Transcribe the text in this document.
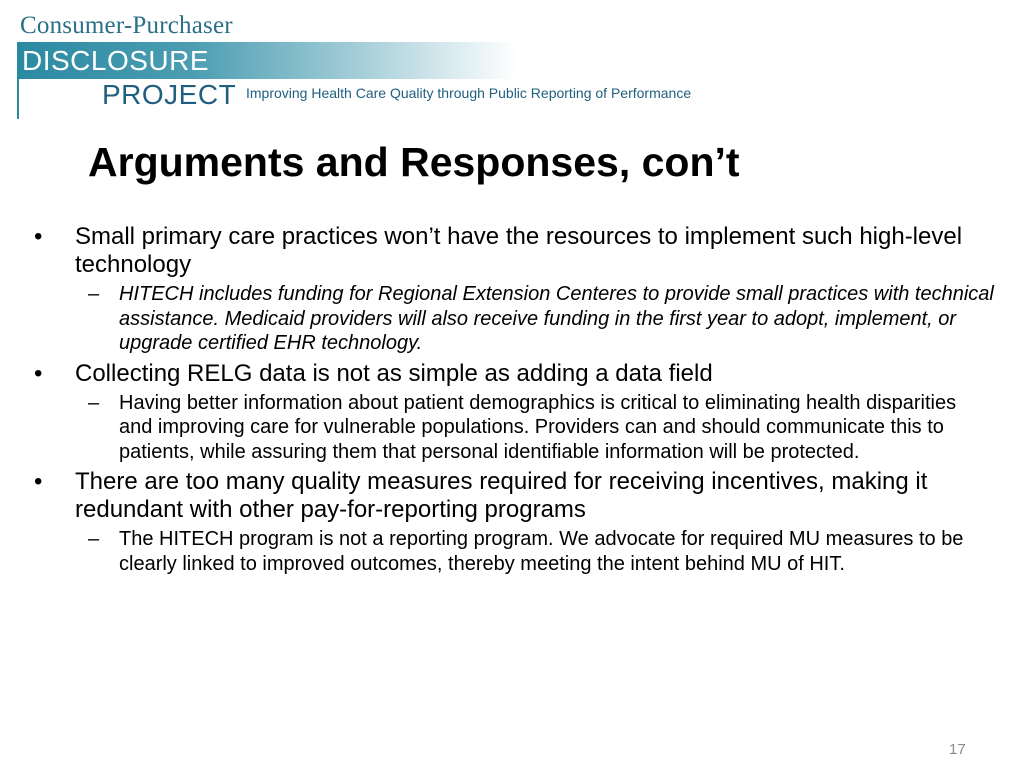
Consumer-Purchaser
DISCLOSURE
PROJECT Improving Health Care Quality through Public Reporting of Performance
Arguments and Responses, con’t
• Small primary care practices won’t have the resources to implement such high-level technology
– HITECH includes funding for Regional Extension Centeres to provide small practices with technical assistance. Medicaid providers will also receive funding in the first year to adopt, implement, or upgrade certified EHR technology.
• Collecting RELG data is not as simple as adding a data field
– Having better information about patient demographics is critical to eliminating health disparities and improving care for vulnerable populations. Providers can and should communicate this to patients, while assuring them that personal identifiable information will be protected.
• There are too many quality measures required for receiving incentives, making it redundant with other pay-for-reporting programs
– The HITECH program is not a reporting program. We advocate for required MU measures to be clearly linked to improved outcomes, thereby meeting the intent behind MU of HIT.
17
